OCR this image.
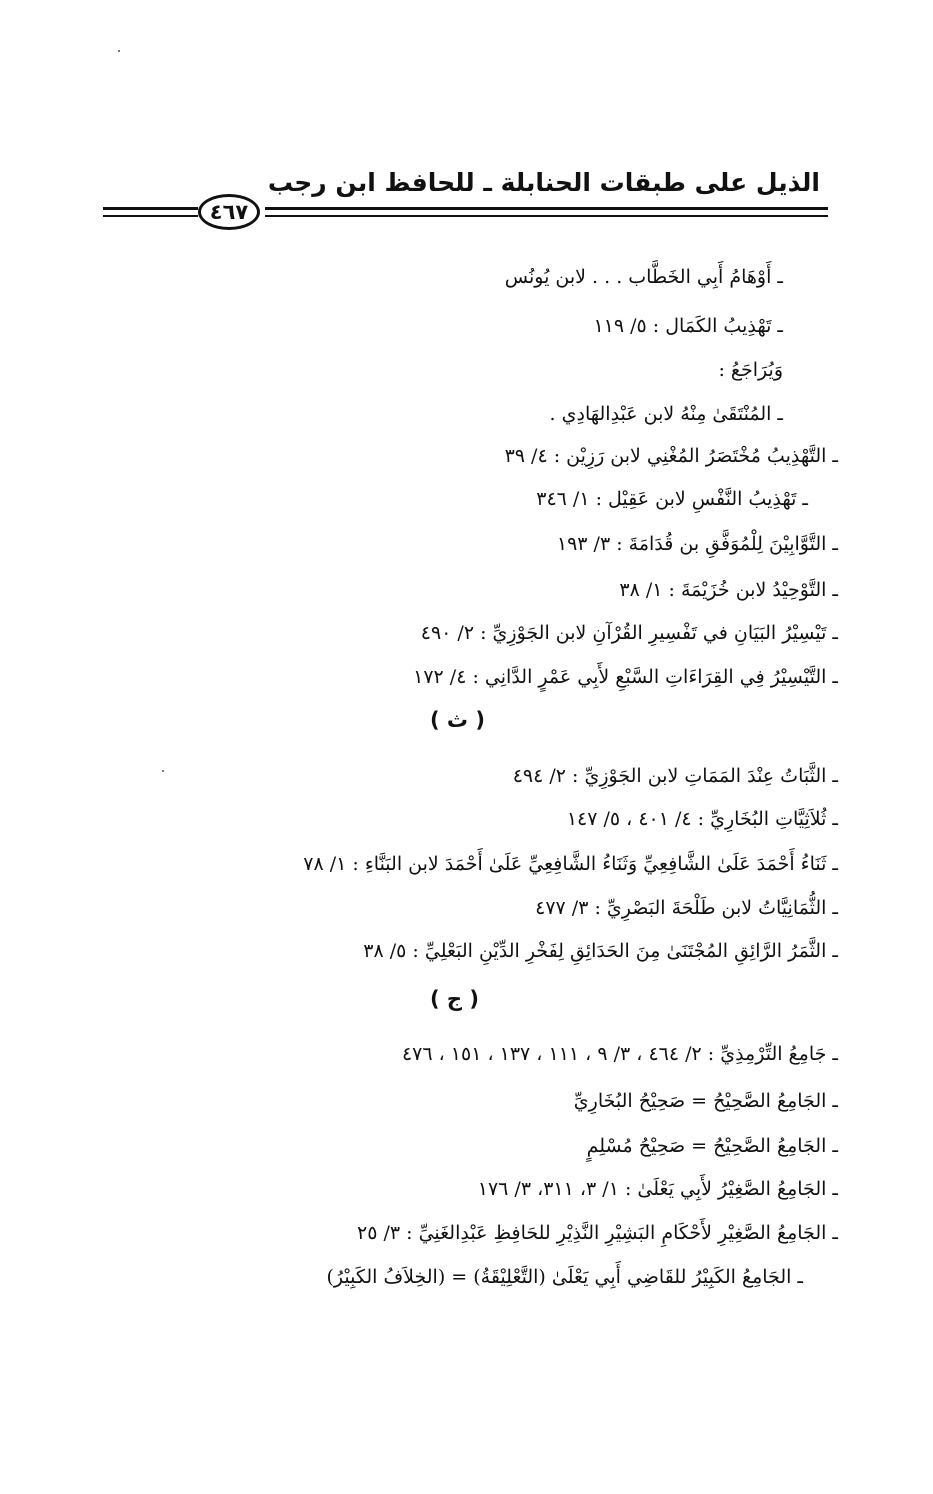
الذيل على طبقات الحنابلة ـ للحافظ ابن رجب
٤٦٧
ـ أَوْهَامُ أَبِي الخَطَّاب . . . لابن يُونُس
ـ تَهْذِيبُ الكَمَال : ٥/ ١١٩
وَيُرَاجَعُ :
ـ المُنْتَقَىٰ مِنْهُ لابن عَبْدِالهَادِي .
ـ التَّهْذِيبُ مُخْتَصَرُ المُغْنِي لابن رَزِيْن : ٤/ ٣٩
ـ تَهْذِيبُ النَّفْسِ لابن عَقِيْل : ١/ ٣٤٦
ـ التَّوَّابِيْنَ لِلْمُوَفَّقِ بن قُدَامَةَ : ٣/ ١٩٣
ـ التَّوْحِيْدُ لابن خُزَيْمَةَ : ١/ ٣٨
ـ تَيْسِيْرُ البَيَانِ في تَفْسِيرِ القُرْآنِ لابن الجَوْزِيِّ : ٢/ ٤٩٠
ـ التَّيْسِيْرُ فِي القِرَاءَاتِ السَّبْعِ لأَبِي عَمْرٍ الدَّانِي : ٤/ ١٧٢
( ث )
ـ الثَّبَاتُ عِنْدَ المَمَاتِ لابن الجَوْزِيِّ : ٢/ ٤٩٤
ـ ثُلاَثِيَّاتِ البُخَارِيِّ : ٤/ ٤٠١ ، ٥/ ١٤٧
ـ ثَنَاءُ أَحْمَدَ عَلَىٰ الشَّافِعِيِّ وَثَنَاءُ الشَّافِعِيِّ عَلَىٰ أَحْمَدَ لابن البَنَّاءِ : ١/ ٧٨
ـ الثُّمَانِيَّاتُ لابن طَلْحَةَ البَصْرِيِّ : ٣/ ٤٧٧
ـ الثَّمَرُ الرَّائِقِ المُجْتَنَىٰ مِنَ الحَدَائِقِ لِفَخْرِ الدِّيْنِ البَعْلِيِّ : ٥/ ٣٨
( ج )
ـ جَامِعُ التِّرْمِذِيِّ : ٢/ ٤٦٤ ، ٣/ ٩ ، ١١١ ، ١٣٧ ، ١٥١ ، ٤٧٦
ـ الجَامِعُ الصَّحِيْحُ = صَحِيْحُ البُخَارِيِّ
ـ الجَامِعُ الصَّحِيْحُ = صَحِيْحُ مُسْلِمٍ
ـ الجَامِعُ الصَّغِيْرُ لأَبِي يَعْلَىٰ : ١/ ٣، ٣١١، ٣/ ١٧٦
ـ الجَامِعُ الصَّغِيْرِ لأَحْكَامِ البَشِيْرِ النَّذِيْرِ للحَافِظِ عَبْدِالغَنِيِّ : ٣/ ٢٥
ـ الجَامِعُ الكَبِيْرُ للقَاضِي أَبِي يَعْلَىٰ (التَّعْلِيْقَةُ) = (الخِلاَفُ الكَبِيْرُ)
